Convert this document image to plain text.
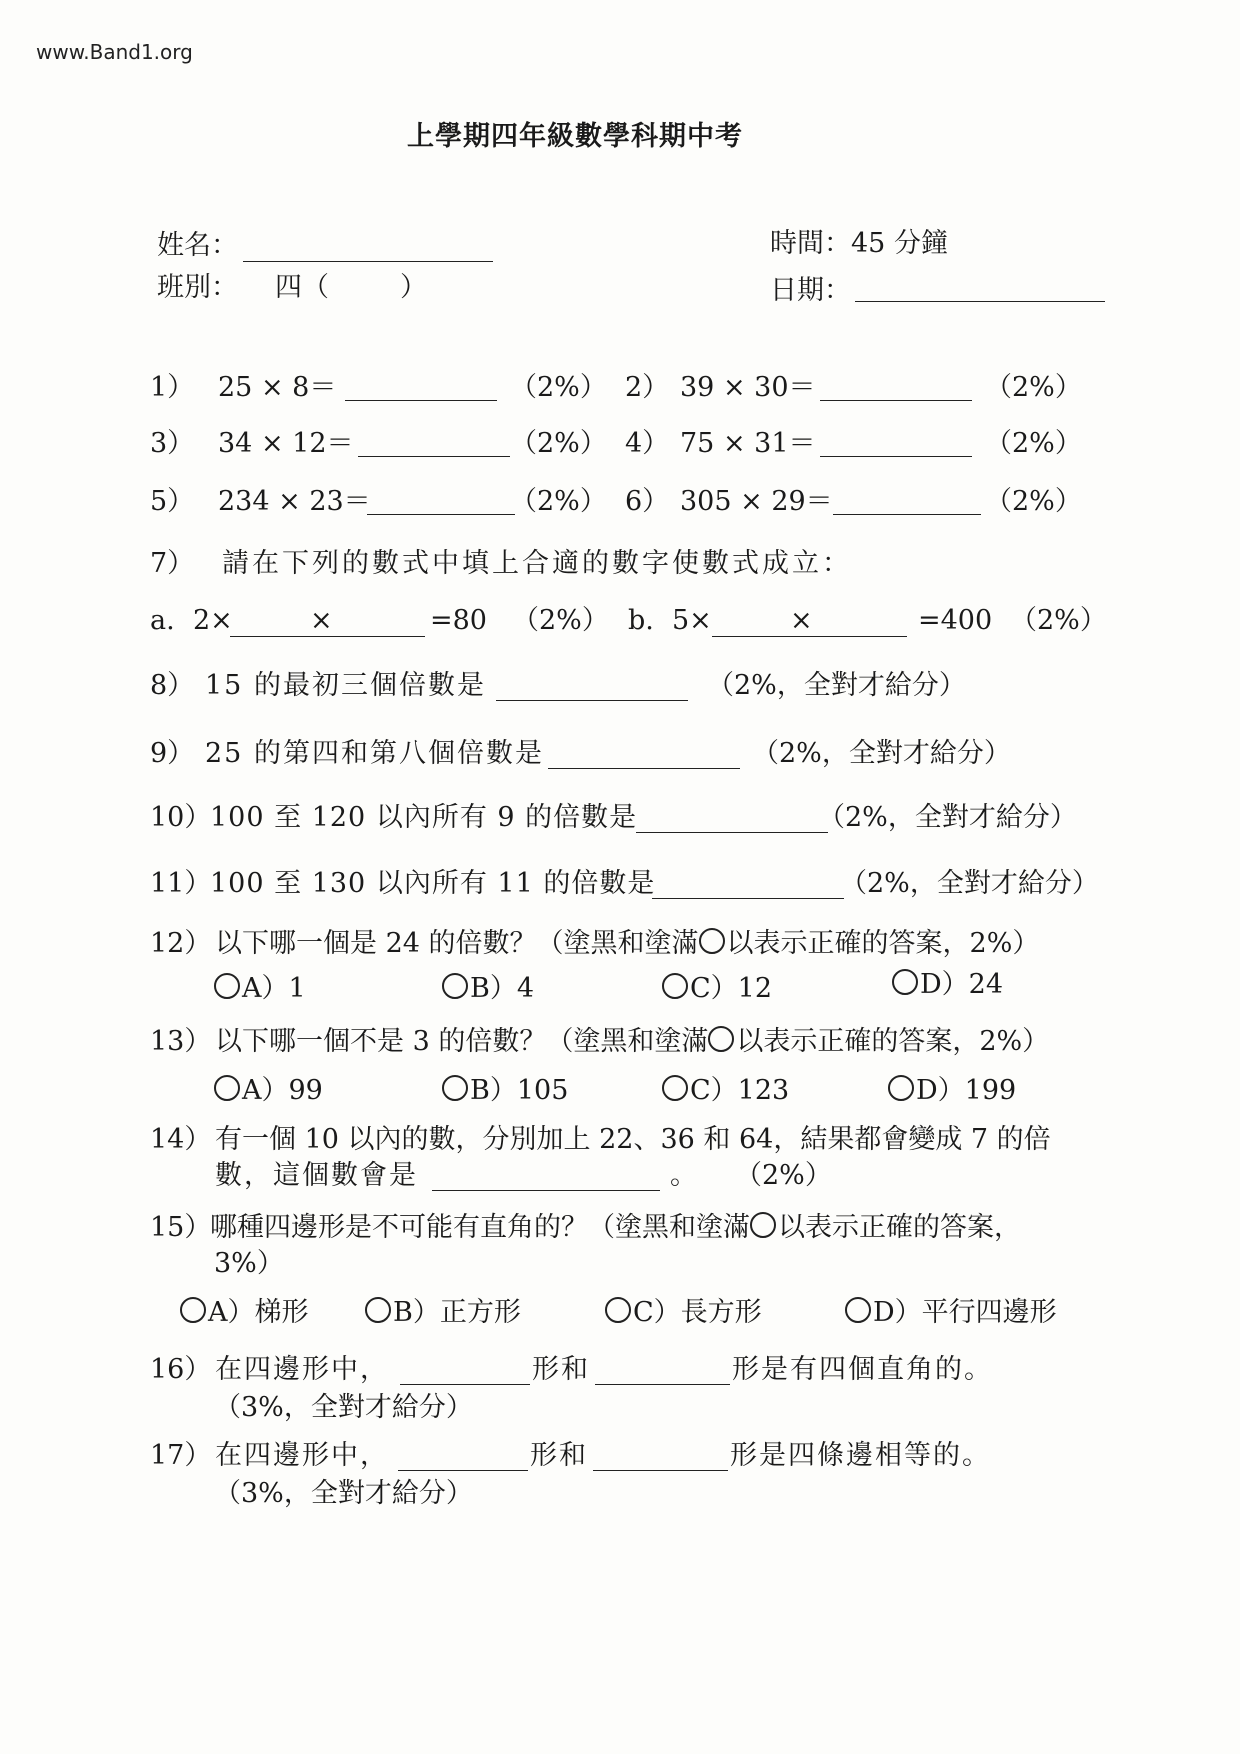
www.Band1.org
上學期四年級數學科期中考
姓名：	時間：45 分鐘
班別： 四（	）	日期：
1） 25 × 8＝	（2%） 2） 39 × 30＝	（2%）
3） 34 × 12＝	（2%） 4） 75 × 31＝	（2%）
5） 234 × 23＝	（2%） 6） 305 × 29＝	（2%）
7） 請在下列的數式中填上合適的數字使數式成立：
a. 2×	×	=80 （2%） b. 5×	×	=400 （2%）
8） 15 的最初三個倍數是	（2%，全對才給分）
9） 25 的第四和第八個倍數是	（2%，全對才給分）
10）
100 至 120 以內所有 9 的倍數是	（2%，全對才給分）
11）
100 至 130 以內所有 11 的倍數是	（2%，全對才給分）
12） 以下哪一個是 24 的倍數？（塗黑和塗滿 以表示正確的答案，2%）
A）1	B）4	C）12	D）24
13） 以下哪一個不是 3 的倍數？（塗黑和塗滿 以表示正確的答案，2%）
A）99	B）105	C）123	D）199
14） 有一個 10 以內的數，分別加上 22、36 和 64，結果都會變成 7 的倍
數，這個數會是	。 （2%）
15）
哪種四邊形是不可能有直角的？（塗黑和塗滿 以表示正確的答案，
3%）
A）梯形	B）正方形	C）長方形	D）平行四邊形
16） 在四邊形中，	形和	形是有四個直角的。
（3%，全對才給分）
17） 在四邊形中，	形和	形是四條邊相等的。
（3%，全對才給分）
